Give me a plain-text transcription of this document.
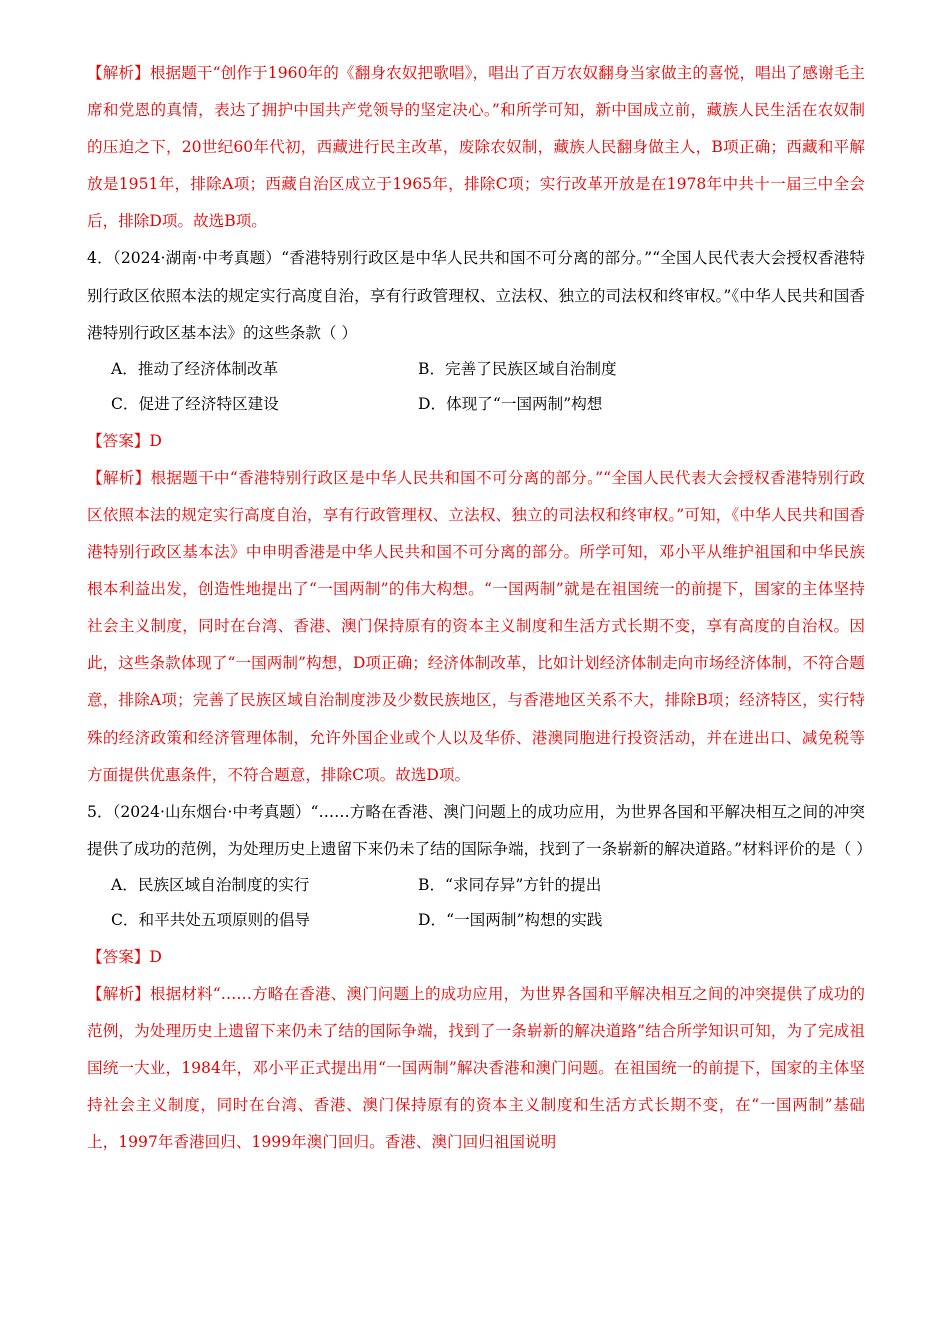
【解析】根据题干“创作于1960年的《翻身农奴把歌唱》，唱出了百万农奴翻身当家做主的喜悦，唱出了感谢毛主席和党恩的真情，表达了拥护中国共产党领导的坚定决心。”和所学可知，新中国成立前，藏族人民生活在农奴制的压迫之下，20世纪60年代初，西藏进行民主改革，废除农奴制，藏族人民翻身做主人，B项正确；西藏和平解放是1951年，排除A项；西藏自治区成立于1965年，排除C项；实行改革开放是在1978年中共十一届三中全会后，排除D项。故选B项。

4．（2024·湖南·中考真题）“香港特别行政区是中华人民共和国不可分离的部分。”“全国人民代表大会授权香港特别行政区依照本法的规定实行高度自治，享有行政管理权、立法权、独立的司法权和终审权。”《中华人民共和国香港特别行政区基本法》的这些条款（ ）

A．推动了经济体制改革	B．完善了民族区域自治制度
C．促进了经济特区建设	D．体现了“一国两制”构想

【答案】D

【解析】根据题干中“香港特别行政区是中华人民共和国不可分离的部分。”“全国人民代表大会授权香港特别行政区依照本法的规定实行高度自治，享有行政管理权、立法权、独立的司法权和终审权。”可知，《中华人民共和国香港特别行政区基本法》中申明香港是中华人民共和国不可分离的部分。所学可知，邓小平从维护祖国和中华民族根本利益出发，创造性地提出了“一国两制”的伟大构想。“一国两制”就是在祖国统一的前提下，国家的主体坚持社会主义制度，同时在台湾、香港、澳门保持原有的资本主义制度和生活方式长期不变，享有高度的自治权。因此，这些条款体现了“一国两制”构想，D项正确；经济体制改革，比如计划经济体制走向市场经济体制，不符合题意，排除A项；完善了民族区域自治制度涉及少数民族地区，与香港地区关系不大，排除B项；经济特区，实行特殊的经济政策和经济管理体制，允许外国企业或个人以及华侨、港澳同胞进行投资活动，并在进出口、减免税等方面提供优惠条件，不符合题意，排除C项。故选D项。

5．（2024·山东烟台·中考真题）“……方略在香港、澳门问题上的成功应用，为世界各国和平解决相互之间的冲突提供了成功的范例，为处理历史上遗留下来仍未了结的国际争端，找到了一条崭新的解决道路。”材料评价的是（ ）

A．民族区域自治制度的实行	B．“求同存异”方针的提出
C．和平共处五项原则的倡导	D．“一国两制”构想的实践

【答案】D

【解析】根据材料“……方略在香港、澳门问题上的成功应用，为世界各国和平解决相互之间的冲突提供了成功的范例，为处理历史上遗留下来仍未了结的国际争端，找到了一条崭新的解决道路”结合所学知识可知，为了完成祖国统一大业，1984年，邓小平正式提出用“一国两制”解决香港和澳门问题。在祖国统一的前提下，国家的主体坚持社会主义制度，同时在台湾、香港、澳门保持原有的资本主义制度和生活方式长期不变，在“一国两制”基础上，1997年香港回归、1999年澳门回归。香港、澳门回归祖国说明
